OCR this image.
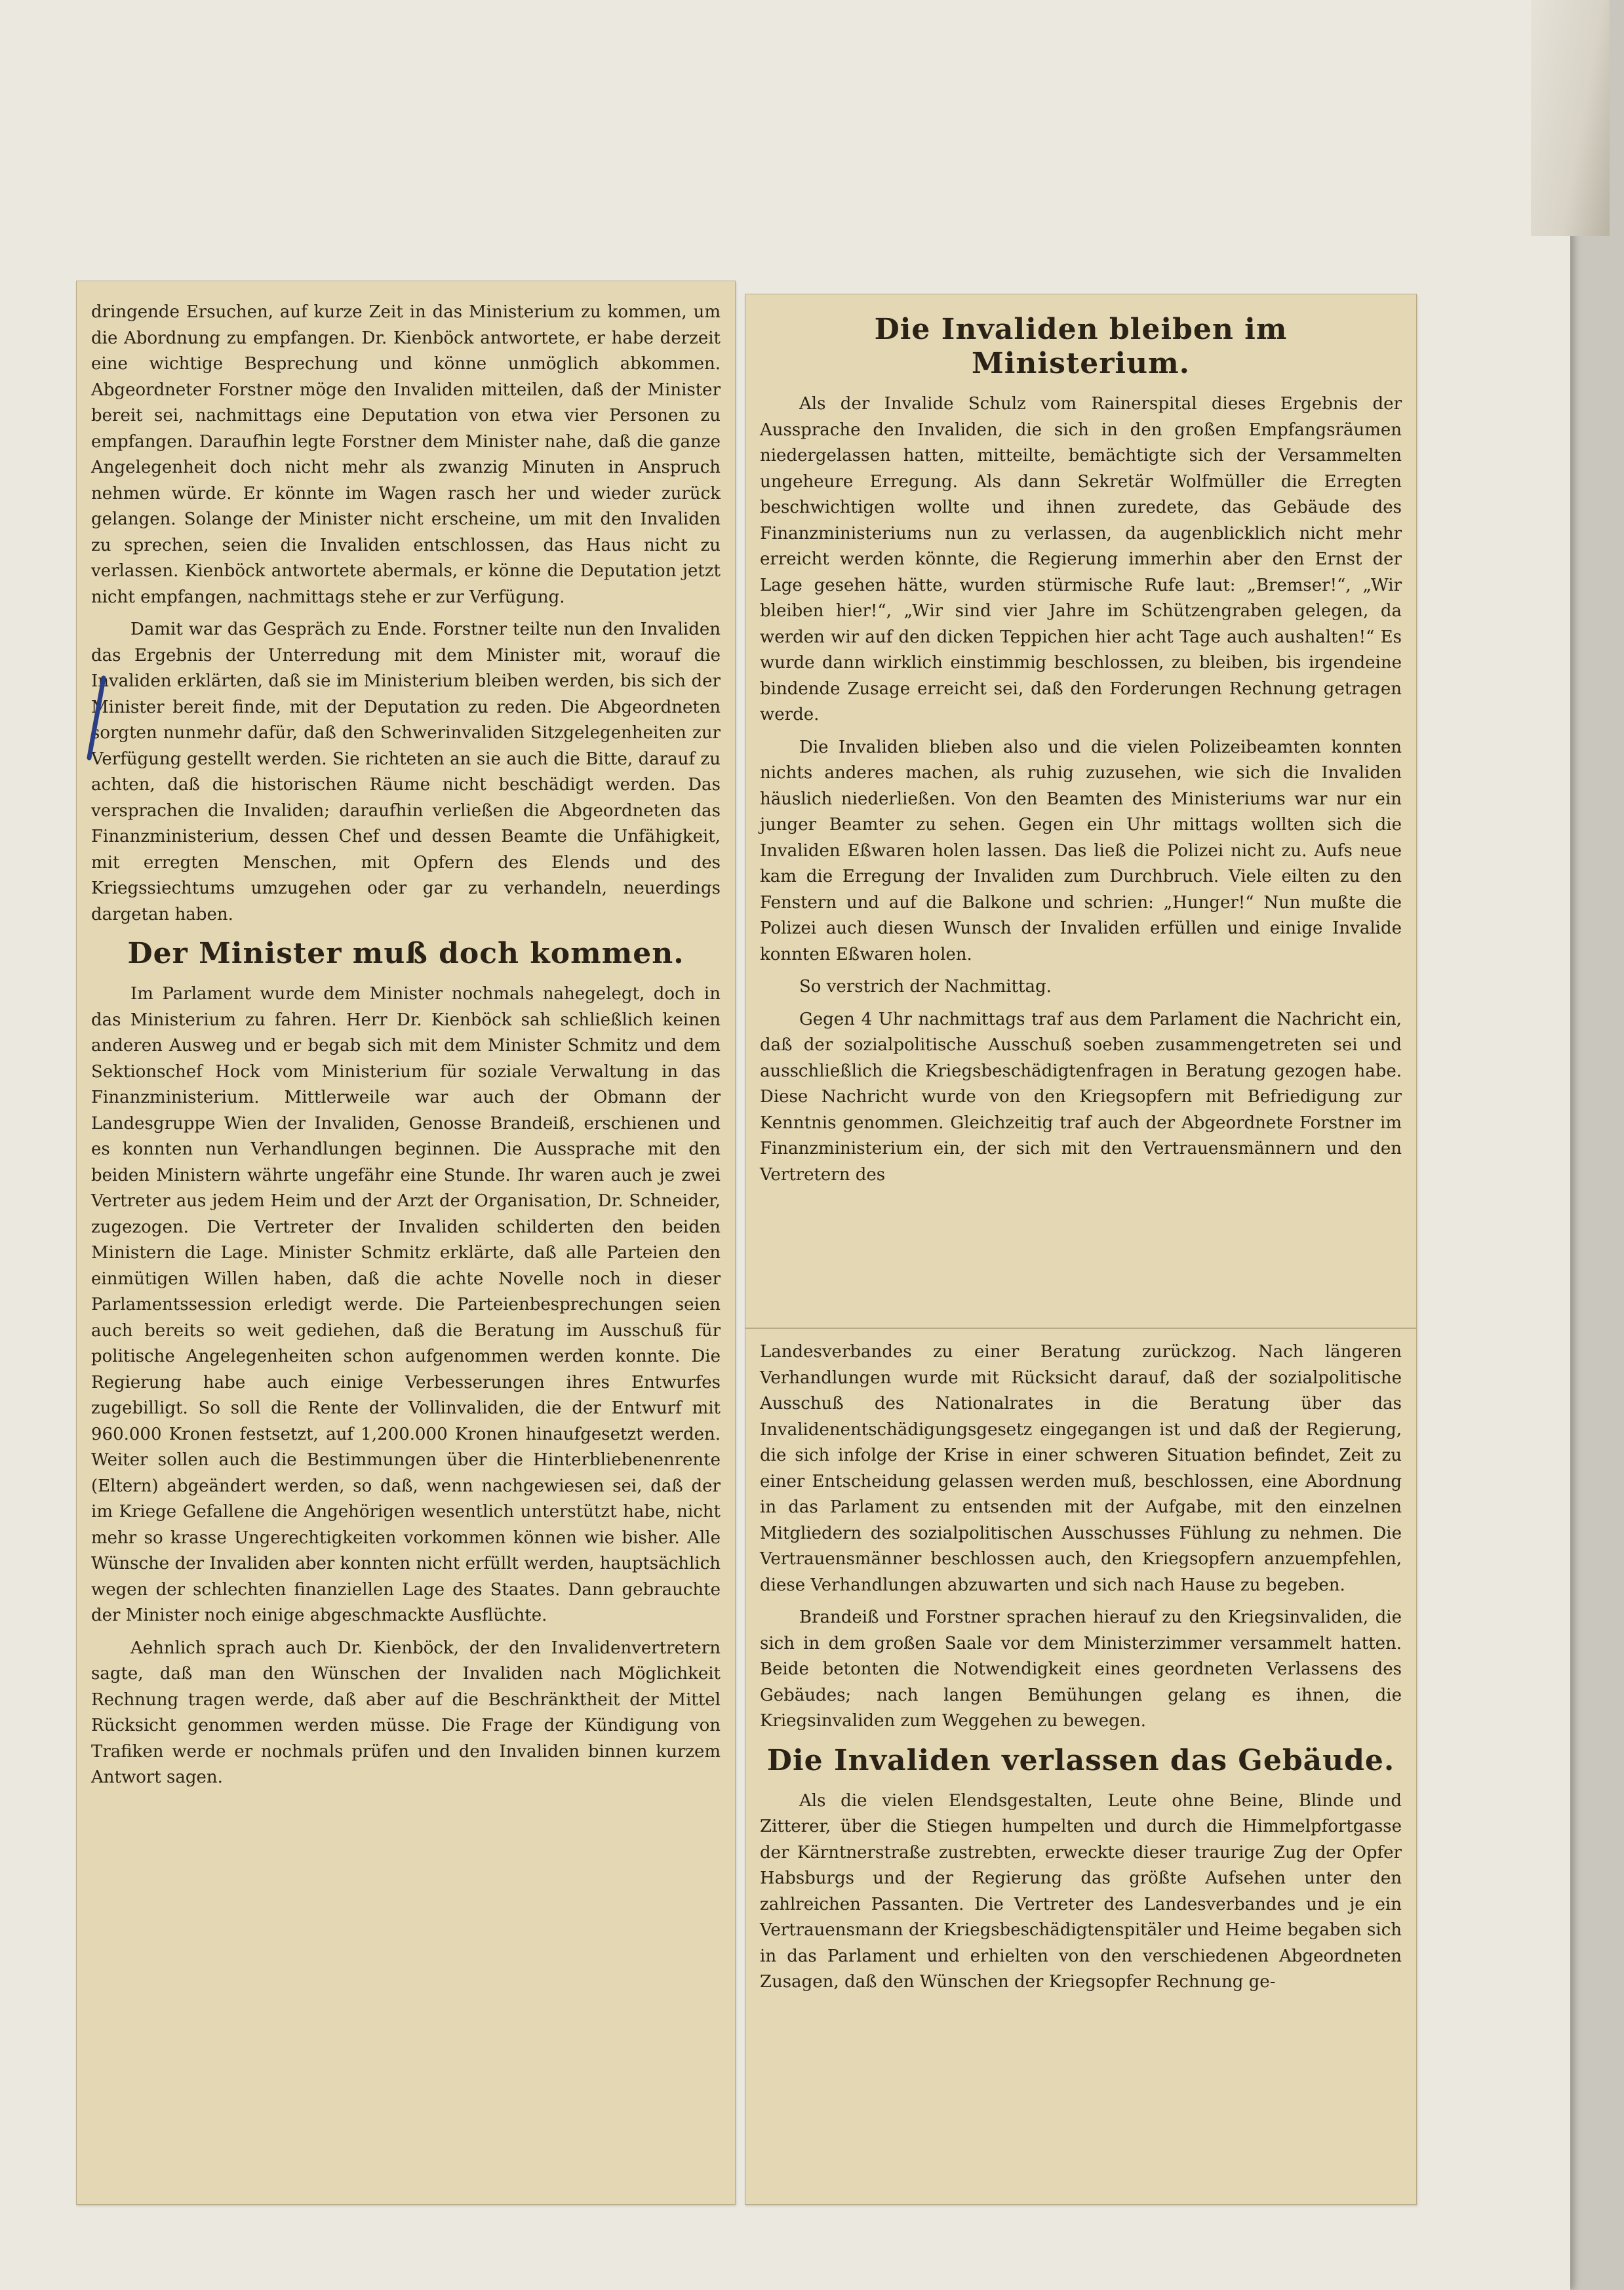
dringende Ersuchen, auf kurze Zeit in das Ministerium zu kommen, um die Abordnung zu empfangen. Dr. Kienböck antwortete, er habe derzeit eine wichtige Besprechung und könne unmöglich abkommen. Abgeordneter Forstner möge den Invaliden mitteilen, daß der Minister bereit sei, nachmittags eine Deputation von etwa vier Personen zu empfangen. Daraufhin legte Forstner dem Minister nahe, daß die ganze Angelegenheit doch nicht mehr als zwanzig Minuten in Anspruch nehmen würde. Er könnte im Wagen rasch her und wieder zurück gelangen. Solange der Minister nicht erscheine, um mit den Invaliden zu sprechen, seien die Invaliden entschlossen, das Haus nicht zu verlassen. Kienböck antwortete abermals, er könne die Deputation jetzt nicht empfangen, nachmittags stehe er zur Verfügung.

Damit war das Gespräch zu Ende. Forstner teilte nun den Invaliden das Ergebnis der Unterredung mit dem Minister mit, worauf die Invaliden erklärten, daß sie im Ministerium bleiben werden, bis sich der Minister bereit finde, mit der Deputation zu reden. Die Abgeordneten sorgten nunmehr dafür, daß den Schwerinvaliden Sitzgelegenheiten zur Verfügung gestellt werden. Sie richteten an sie auch die Bitte, darauf zu achten, daß die historischen Räume nicht beschädigt werden. Das versprachen die Invaliden; daraufhin verließen die Abgeordneten das Finanzministerium, dessen Chef und dessen Beamte die Unfähigkeit, mit erregten Menschen, mit Opfern des Elends und des Kriegssiechtums umzugehen oder gar zu verhandeln, neuerdings dargetan haben.

Der Minister muß doch kommen.

Im Parlament wurde dem Minister nochmals nahegelegt, doch in das Ministerium zu fahren. Herr Dr. Kienböck sah schließlich keinen anderen Ausweg und er begab sich mit dem Minister Schmitz und dem Sektionschef Hock vom Ministerium für soziale Verwaltung in das Finanzministerium. Mittlerweile war auch der Obmann der Landesgruppe Wien der Invaliden, Genosse Brandeiß, erschienen und es konnten nun Verhandlungen beginnen. Die Aussprache mit den beiden Ministern währte ungefähr eine Stunde. Ihr waren auch je zwei Vertreter aus jedem Heim und der Arzt der Organisation, Dr. Schneider, zugezogen. Die Vertreter der Invaliden schilderten den beiden Ministern die Lage. Minister Schmitz erklärte, daß alle Parteien den einmütigen Willen haben, daß die achte Novelle noch in dieser Parlamentssession erledigt werde. Die Parteienbesprechungen seien auch bereits so weit gediehen, daß die Beratung im Ausschuß für politische Angelegenheiten schon aufgenommen werden konnte. Die Regierung habe auch einige Verbesserungen ihres Entwurfes zugebilligt. So soll die Rente der Vollinvaliden, die der Entwurf mit 960.000 Kronen festsetzt, auf 1,200.000 Kronen hinaufgesetzt werden. Weiter sollen auch die Bestimmungen über die Hinterbliebenenrente (Eltern) abgeändert werden, so daß, wenn nachgewiesen sei, daß der im Kriege Gefallene die Angehörigen wesentlich unterstützt habe, nicht mehr so krasse Ungerechtigkeiten vorkommen können wie bisher. Alle Wünsche der Invaliden aber konnten nicht erfüllt werden, hauptsächlich wegen der schlechten finanziellen Lage des Staates. Dann gebrauchte der Minister noch einige abgeschmackte Ausflüchte.

Aehnlich sprach auch Dr. Kienböck, der den Invalidenvertretern sagte, daß man den Wünschen der Invaliden nach Möglichkeit Rechnung tragen werde, daß aber auf die Beschränktheit der Mittel Rücksicht genommen werden müsse. Die Frage der Kündigung von Trafiken werde er nochmals prüfen und den Invaliden binnen kurzem Antwort sagen.

Die Invaliden bleiben im Ministerium.

Als der Invalide Schulz vom Rainerspital dieses Ergebnis der Aussprache den Invaliden, die sich in den großen Empfangsräumen niedergelassen hatten, mitteilte, bemächtigte sich der Versammelten ungeheure Erregung. Als dann Sekretär Wolfmüller die Erregten beschwichtigen wollte und ihnen zuredete, das Gebäude des Finanzministeriums nun zu verlassen, da augenblicklich nicht mehr erreicht werden könnte, die Regierung immerhin aber den Ernst der Lage gesehen hätte, wurden stürmische Rufe laut: „Bremser!“, „Wir bleiben hier!“, „Wir sind vier Jahre im Schützengraben gelegen, da werden wir auf den dicken Teppichen hier acht Tage auch aushalten!“ Es wurde dann wirklich einstimmig beschlossen, zu bleiben, bis irgendeine bindende Zusage erreicht sei, daß den Forderungen Rechnung getragen werde.

Die Invaliden blieben also und die vielen Polizeibeamten konnten nichts anderes machen, als ruhig zuzusehen, wie sich die Invaliden häuslich niederließen. Von den Beamten des Ministeriums war nur ein junger Beamter zu sehen. Gegen ein Uhr mittags wollten sich die Invaliden Eßwaren holen lassen. Das ließ die Polizei nicht zu. Aufs neue kam die Erregung der Invaliden zum Durchbruch. Viele eilten zu den Fenstern und auf die Balkone und schrien: „Hunger!“ Nun mußte die Polizei auch diesen Wunsch der Invaliden erfüllen und einige Invalide konnten Eßwaren holen.

So verstrich der Nachmittag.

Gegen 4 Uhr nachmittags traf aus dem Parlament die Nachricht ein, daß der sozialpolitische Ausschuß soeben zusammengetreten sei und ausschließlich die Kriegsbeschädigtenfragen in Beratung gezogen habe. Diese Nachricht wurde von den Kriegsopfern mit Befriedigung zur Kenntnis genommen. Gleichzeitig traf auch der Abgeordnete Forstner im Finanzministerium ein, der sich mit den Vertrauensmännern und den Vertretern des

Landesverbandes zu einer Beratung zurückzog. Nach längeren Verhandlungen wurde mit Rücksicht darauf, daß der sozialpolitische Ausschuß des Nationalrates in die Beratung über das Invalidenentschädigungsgesetz eingegangen ist und daß der Regierung, die sich infolge der Krise in einer schweren Situation befindet, Zeit zu einer Entscheidung gelassen werden muß, beschlossen, eine Abordnung in das Parlament zu entsenden mit der Aufgabe, mit den einzelnen Mitgliedern des sozialpolitischen Ausschusses Fühlung zu nehmen. Die Vertrauensmänner beschlossen auch, den Kriegsopfern anzuempfehlen, diese Verhandlungen abzuwarten und sich nach Hause zu begeben.

Brandeiß und Forstner sprachen hierauf zu den Kriegsinvaliden, die sich in dem großen Saale vor dem Ministerzimmer versammelt hatten. Beide betonten die Notwendigkeit eines geordneten Verlassens des Gebäudes; nach langen Bemühungen gelang es ihnen, die Kriegsinvaliden zum Weggehen zu bewegen.

Die Invaliden verlassen das Gebäude.

Als die vielen Elendsgestalten, Leute ohne Beine, Blinde und Zitterer, über die Stiegen humpelten und durch die Himmelpfortgasse der Kärntnerstraße zustrebten, erweckte dieser traurige Zug der Opfer Habsburgs und der Regierung das größte Aufsehen unter den zahlreichen Passanten. Die Vertreter des Landesverbandes und je ein Vertrauensmann der Kriegsbeschädigtenspitäler und Heime begaben sich in das Parlament und erhielten von den verschiedenen Abgeordneten Zusagen, daß den Wünschen der Kriegsopfer Rechnung ge-
